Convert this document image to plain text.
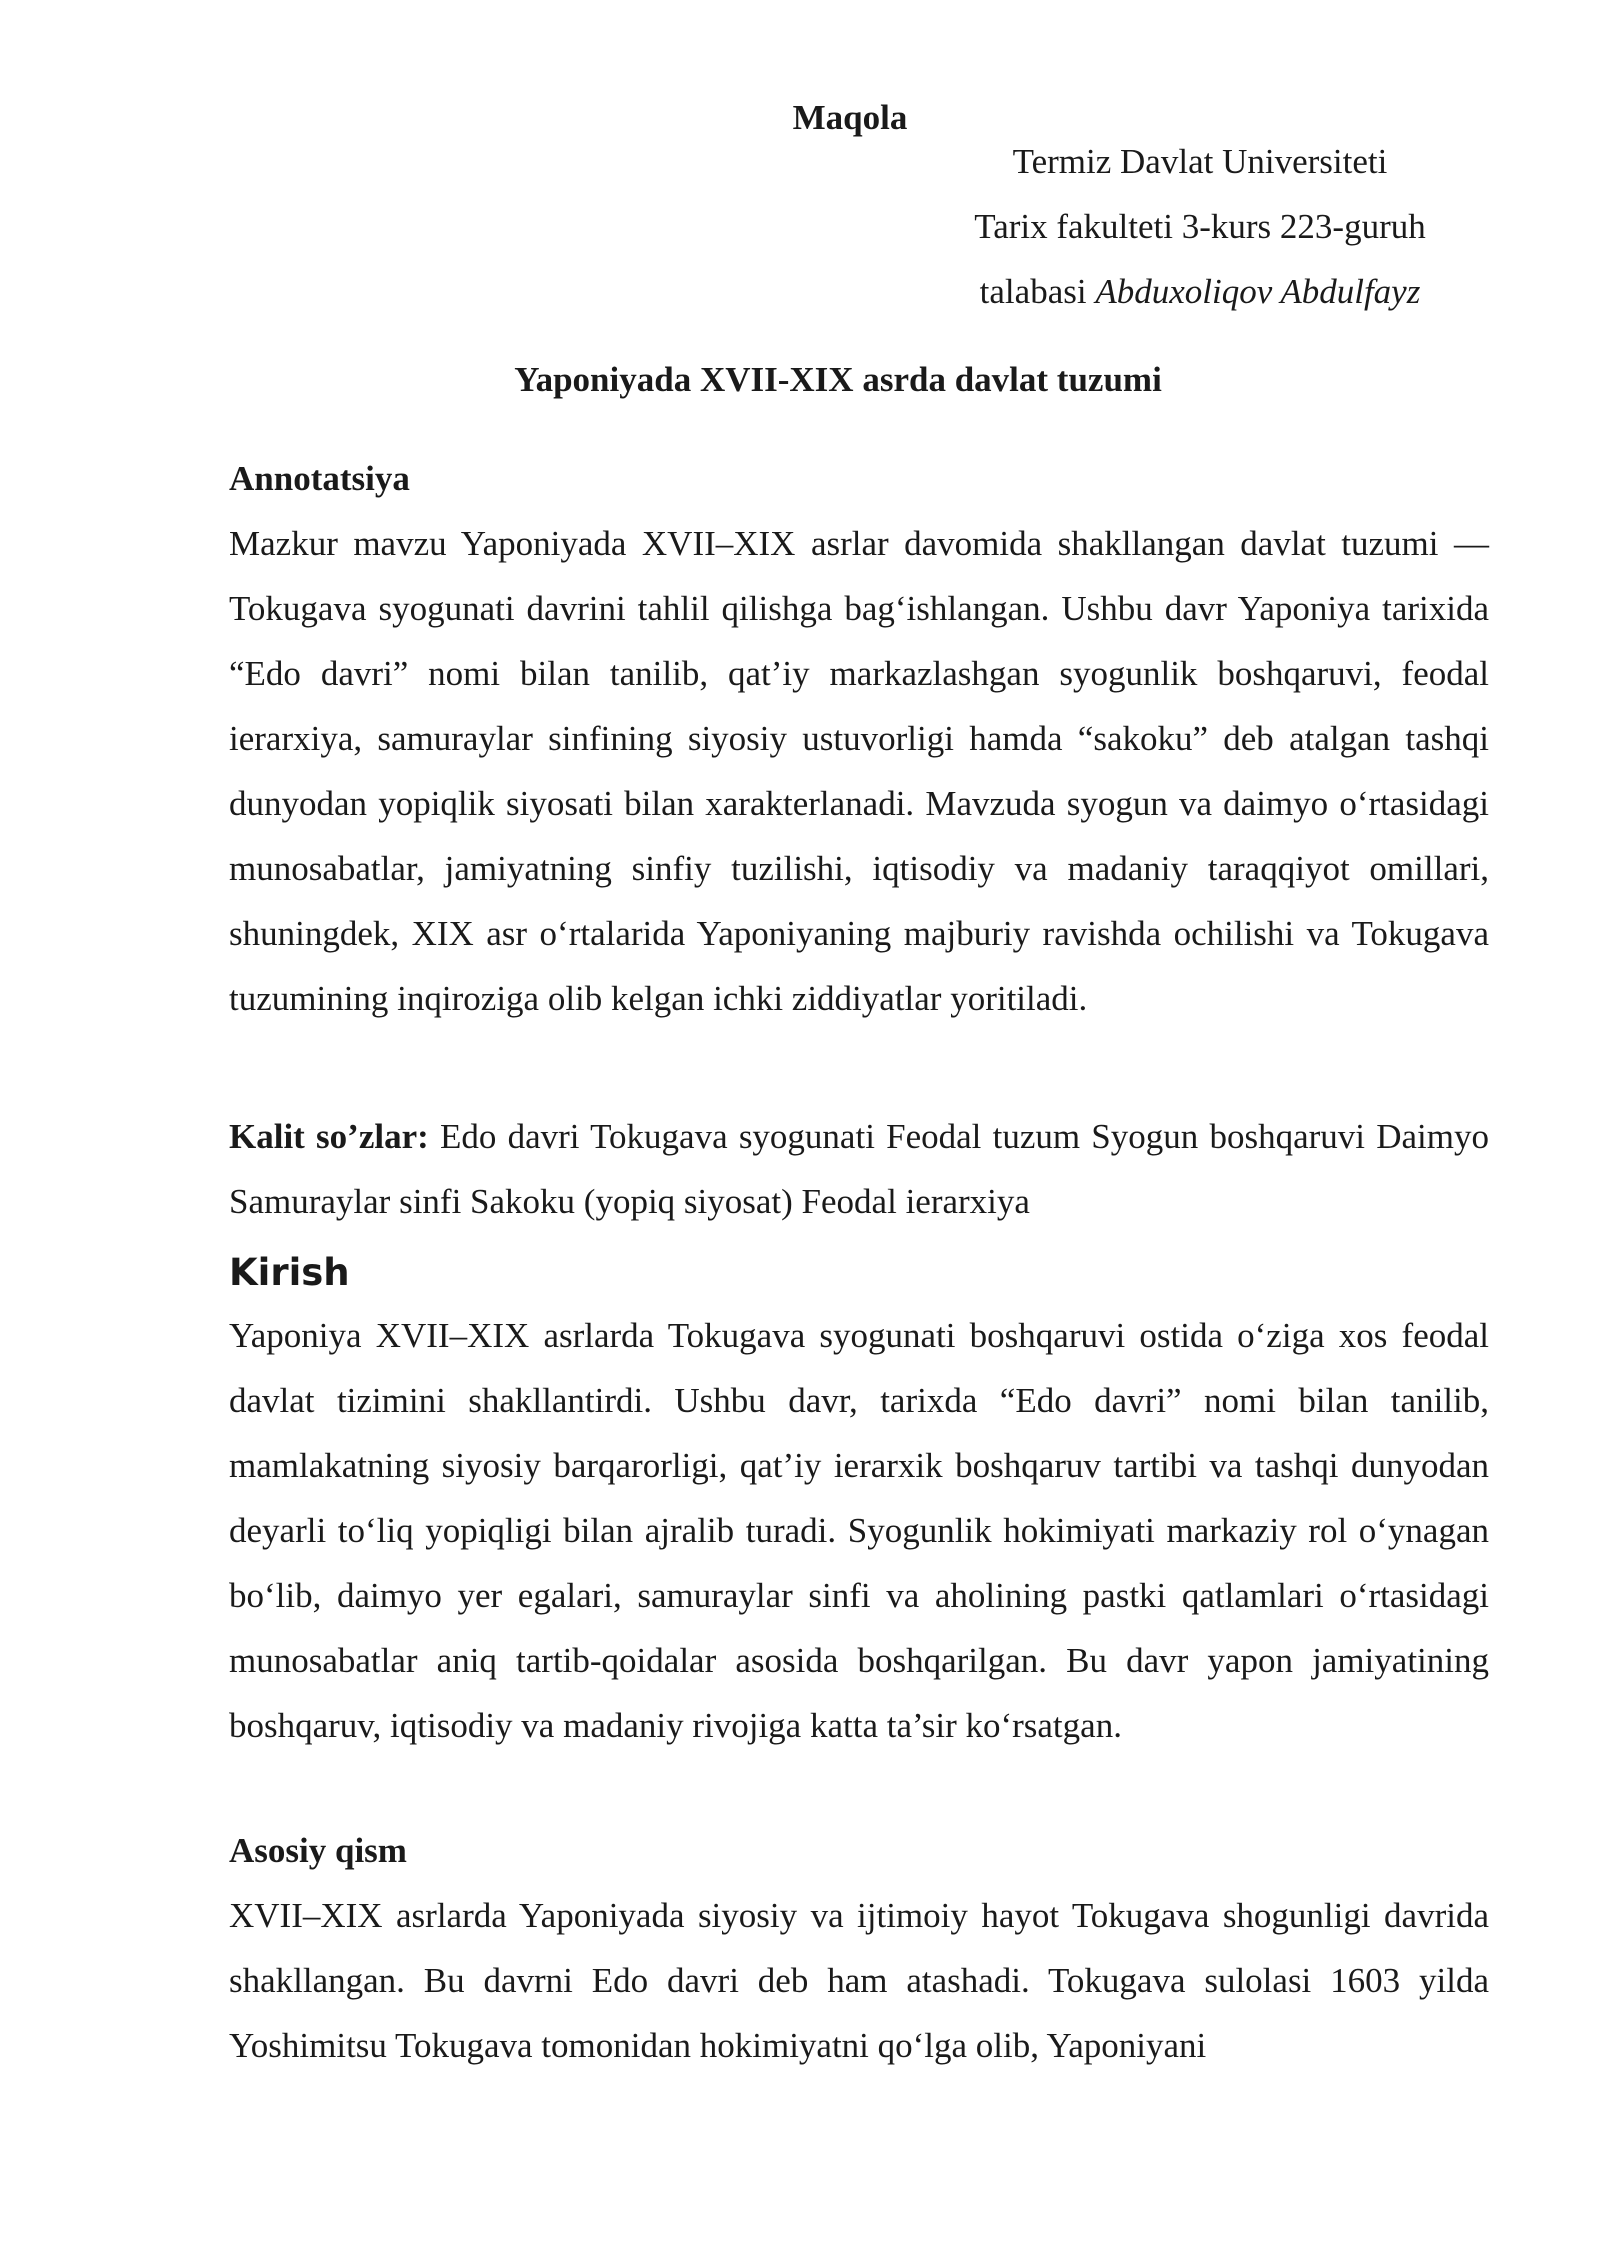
Maqola
Termiz Davlat Universiteti
Tarix fakulteti 3-kurs 223-guruh
talabasi Abduxoliqov Abdulfayz
Yaponiyada XVII-XIX asrda davlat tuzumi
Annotatsiya

Mazkur mavzu Yaponiyada XVII–XIX asrlar davomida shakllangan davlat tuzumi — Tokugava syogunati davrini tahlil qilishga bag‘ishlangan. Ushbu davr Yaponiya tarixida “Edo davri” nomi bilan tanilib, qat’iy markazlashgan syogunlik boshqaruvi, feodal ierarxiya, samuraylar sinfining siyosiy ustuvorligi hamda “sakoku” deb atalgan tashqi dunyodan yopiqlik siyosati bilan xarakterlanadi. Mavzuda syogun va daimyo o‘rtasidagi munosabatlar, jamiyatning sinfiy tuzilishi, iqtisodiy va madaniy taraqqiyot omillari, shuningdek, XIX asr o‘rtalarida Yaponiyaning majburiy ravishda ochilishi va Tokugava tuzumining inqiroziga olib kelgan ichki ziddiyatlar yoritiladi.

Kalit so’zlar: Edo davri Tokugava syogunati Feodal tuzum Syogun boshqaruvi Daimyo Samuraylar sinfi Sakoku (yopiq siyosat) Feodal ierarxiya

Kirish

Yaponiya XVII–XIX asrlarda Tokugava syogunati boshqaruvi ostida o‘ziga xos feodal davlat tizimini shakllantirdi. Ushbu davr, tarixda “Edo davri” nomi bilan tanilib, mamlakatning siyosiy barqarorligi, qat’iy ierarxik boshqaruv tartibi va tashqi dunyodan deyarli to‘liq yopiqligi bilan ajralib turadi. Syogunlik hokimiyati markaziy rol o‘ynagan bo‘lib, daimyo yer egalari, samuraylar sinfi va aholining pastki qatlamlari o‘rtasidagi munosabatlar aniq tartib-qoidalar asosida boshqarilgan. Bu davr yapon jamiyatining boshqaruv, iqtisodiy va madaniy rivojiga katta ta’sir ko‘rsatgan.

Asosiy qism

XVII–XIX asrlarda Yaponiyada siyosiy va ijtimoiy hayot Tokugava shogunligi davrida shakllangan. Bu davrni Edo davri deb ham atashadi. Tokugava sulolasi 1603 yilda Yoshimitsu Tokugava tomonidan hokimiyatni qo‘lga olib, Yaponiyani
